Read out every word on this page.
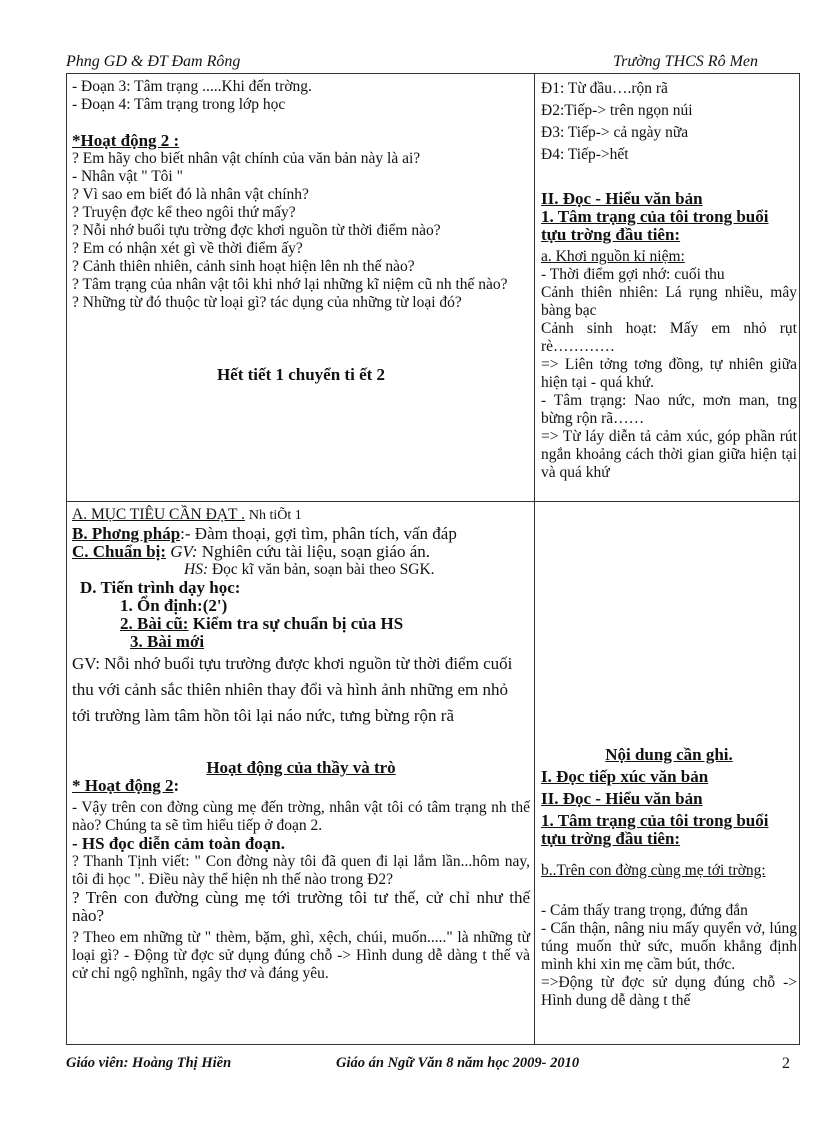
Phng GD & ĐT Đam Rông	Trường THCS Rô Men

- Đoạn 3: Tâm trạng .....Khi đến trờng.

- Đoạn 4: Tâm trạng trong lớp học

*Hoạt động 2 :

? Em hãy cho biết nhân vật chính của văn bản này là ai?

- Nhân vật " Tôi "

? Vì sao em biết đó là nhân vật chính?

? Truyện đợc kể theo ngôi thứ mấy?

? Nỗi nhớ buổi tựu trờng đợc khơi nguồn từ thời điểm nào?

? Em có nhận xét gì về thời điểm ấy?

? Cảnh thiên nhiên, cảnh sinh hoạt hiện lên nh thế nào?

? Tâm trạng của nhân vật tôi khi nhớ lại những kĩ niệm cũ nh thế nào?

? Những từ đó thuộc từ loại gì? tác dụng của những từ loại đó?

Hết tiết 1 chuyển ti ết 2

Đ1: Từ đầu….rộn rã

Đ2:Tiếp-> trên ngọn núi

Đ3: Tiếp-> cả ngày nữa

Đ4: Tiếp->hết

II. Đọc - Hiểu văn bản

1. Tâm trạng của tôi trong buổi tựu trờng đầu tiên:

a. Khơi nguồn kỉ niệm:

- Thời điểm gợi nhớ: cuối thu

Cảnh thiên nhiên: Lá rụng nhiều, mây bàng bạc

Cảnh sinh hoạt: Mấy em nhỏ rụt rè…………

=> Liên tởng tơng đồng, tự nhiên giữa hiện tại - quá khứ.

- Tâm trạng: Nao nức, mơn man, tng bừng rộn rã……

=> Từ láy diễn tả cảm xúc, góp phần rút ngắn khoảng cách thời gian giữa hiện tại và quá khứ

A. MỤC TIÊU CẦN ĐẠT . Nh tiÕt 1

B. Phơng pháp:- Đàm thoại, gợi tìm, phân tích, vấn đáp

C. Chuẩn bị: GV: Nghiên cứu tài liệu, soạn giáo án.

HS: Đọc kĩ văn bản, soạn bài theo SGK.

D. Tiến trình dạy học:

1. Ổn định:(2')

2. Bài cũ: Kiểm tra sự chuẩn bị của HS

3. Bài mới

GV: Nỗi nhớ buổi tựu trường được khơi nguồn từ thời điểm cuối thu với cảnh sắc thiên nhiên thay đổi và hình ảnh những em nhỏ tới trường làm tâm hồn tôi lại náo nức, tưng bừng rộn rã

Hoạt động của thầy và trò

* Hoạt động 2:

- Vậy trên con đờng cùng mẹ đến trờng, nhân vật tôi có tâm trạng nh thế nào? Chúng ta sẽ tìm hiểu tiếp ở đoạn 2.

- HS đọc diễn cảm toàn đoạn.

? Thanh Tịnh viết: " Con đờng này tôi đã quen đi lại lắm lần...hôm nay, tôi đi học ". Điều này thể hiện nh thế nào trong Đ2?

? Trên con đường cùng mẹ tới trường tôi tư thế, cử chỉ như thế nào?

? Theo em những từ " thèm, bặm, ghì, xệch, chúi, muốn....." là những từ loại gì? - Động từ đợc sử dụng đúng chỗ -> Hình dung dễ dàng t thế và cử chỉ ngộ nghĩnh, ngây thơ và đáng yêu.

Nội dung cần ghi.

I. Đọc tiếp xúc văn bản

II. Đọc - Hiểu văn bản

1. Tâm trạng của tôi trong buổi tựu trờng đầu tiên:

b..Trên con đờng cùng mẹ tới trờng:

- Cảm thấy trang trọng, đứng đắn

- Cẩn thận, nâng niu mấy quyển vở, lúng túng muốn thử sức, muốn khẳng định mình khi xin mẹ cầm bút, thớc.

=>Động từ đợc sử dụng đúng chỗ -> Hình dung dễ dàng t thế

Giáo viên: Hoàng Thị Hiền	Giáo án Ngữ Văn 8 năm học 2009- 2010	2
